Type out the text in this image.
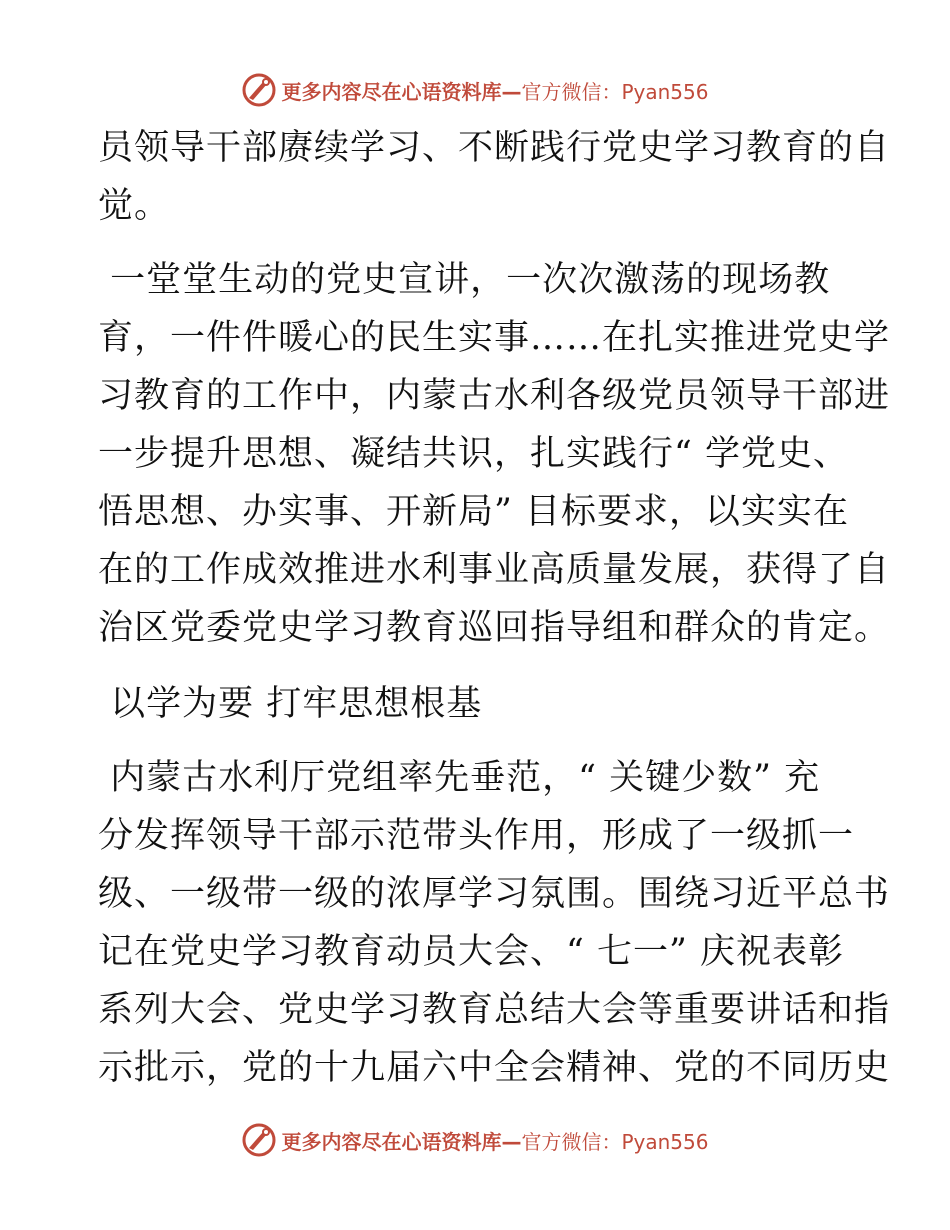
更多内容尽在心语资料库—官方微信：Pyan556
员领导干部赓续学习、不断践行党史学习教育的自
觉。
一堂堂生动的党史宣讲，一次次激荡的现场教
育，一件件暖心的民生实事……在扎实推进党史学
习教育的工作中，内蒙古水利各级党员领导干部进
一步提升思想、凝结共识，扎实践行“ 学党史、
悟思想、办实事、开新局” 目标要求，以实实在
在的工作成效推进水利事业高质量发展，获得了自
治区党委党史学习教育巡回指导组和群众的肯定。
以学为要 打牢思想根基
内蒙古水利厅党组率先垂范，“ 关键少数” 充
分发挥领导干部示范带头作用，形成了一级抓一
级、一级带一级的浓厚学习氛围。围绕习近平总书
记在党史学习教育动员大会、“ 七一” 庆祝表彰
系列大会、党史学习教育总结大会等重要讲话和指
示批示，党的十九届六中全会精神、党的不同历史
更多内容尽在心语资料库—官方微信：Pyan556
